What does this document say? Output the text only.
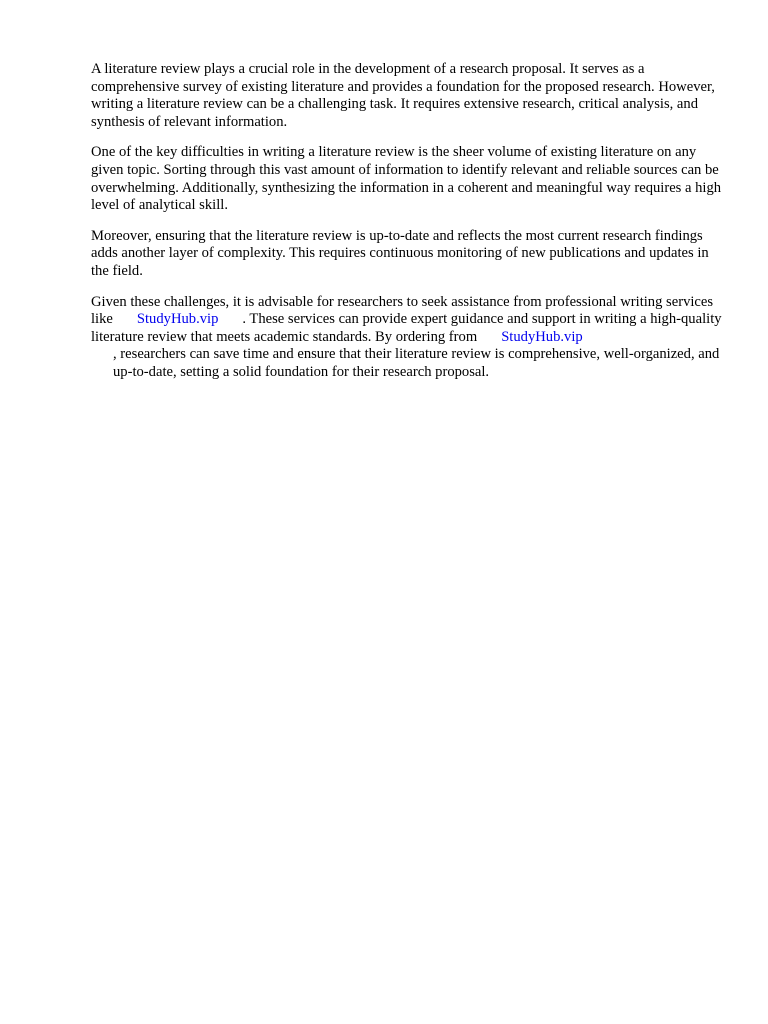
A literature review plays a crucial role in the development of a research proposal. It serves as a comprehensive survey of existing literature and provides a foundation for the proposed research. However, writing a literature review can be a challenging task. It requires extensive research, critical analysis, and synthesis of relevant information.

One of the key difficulties in writing a literature review is the sheer volume of existing literature on any given topic. Sorting through this vast amount of information to identify relevant and reliable sources can be overwhelming. Additionally, synthesizing the information in a coherent and meaningful way requires a high level of analytical skill.

Moreover, ensuring that the literature review is up-to-date and reflects the most current research findings adds another layer of complexity. This requires continuous monitoring of new publications and updates in the field.

Given these challenges, it is advisable for researchers to seek assistance from professional writing services like StudyHub.vip . These services can provide expert guidance and support in writing a high-quality literature review that meets academic standards. By ordering from StudyHub.vip
, researchers can save time and ensure that their literature review is comprehensive, well-organized, and up-to-date, setting a solid foundation for their research proposal.
